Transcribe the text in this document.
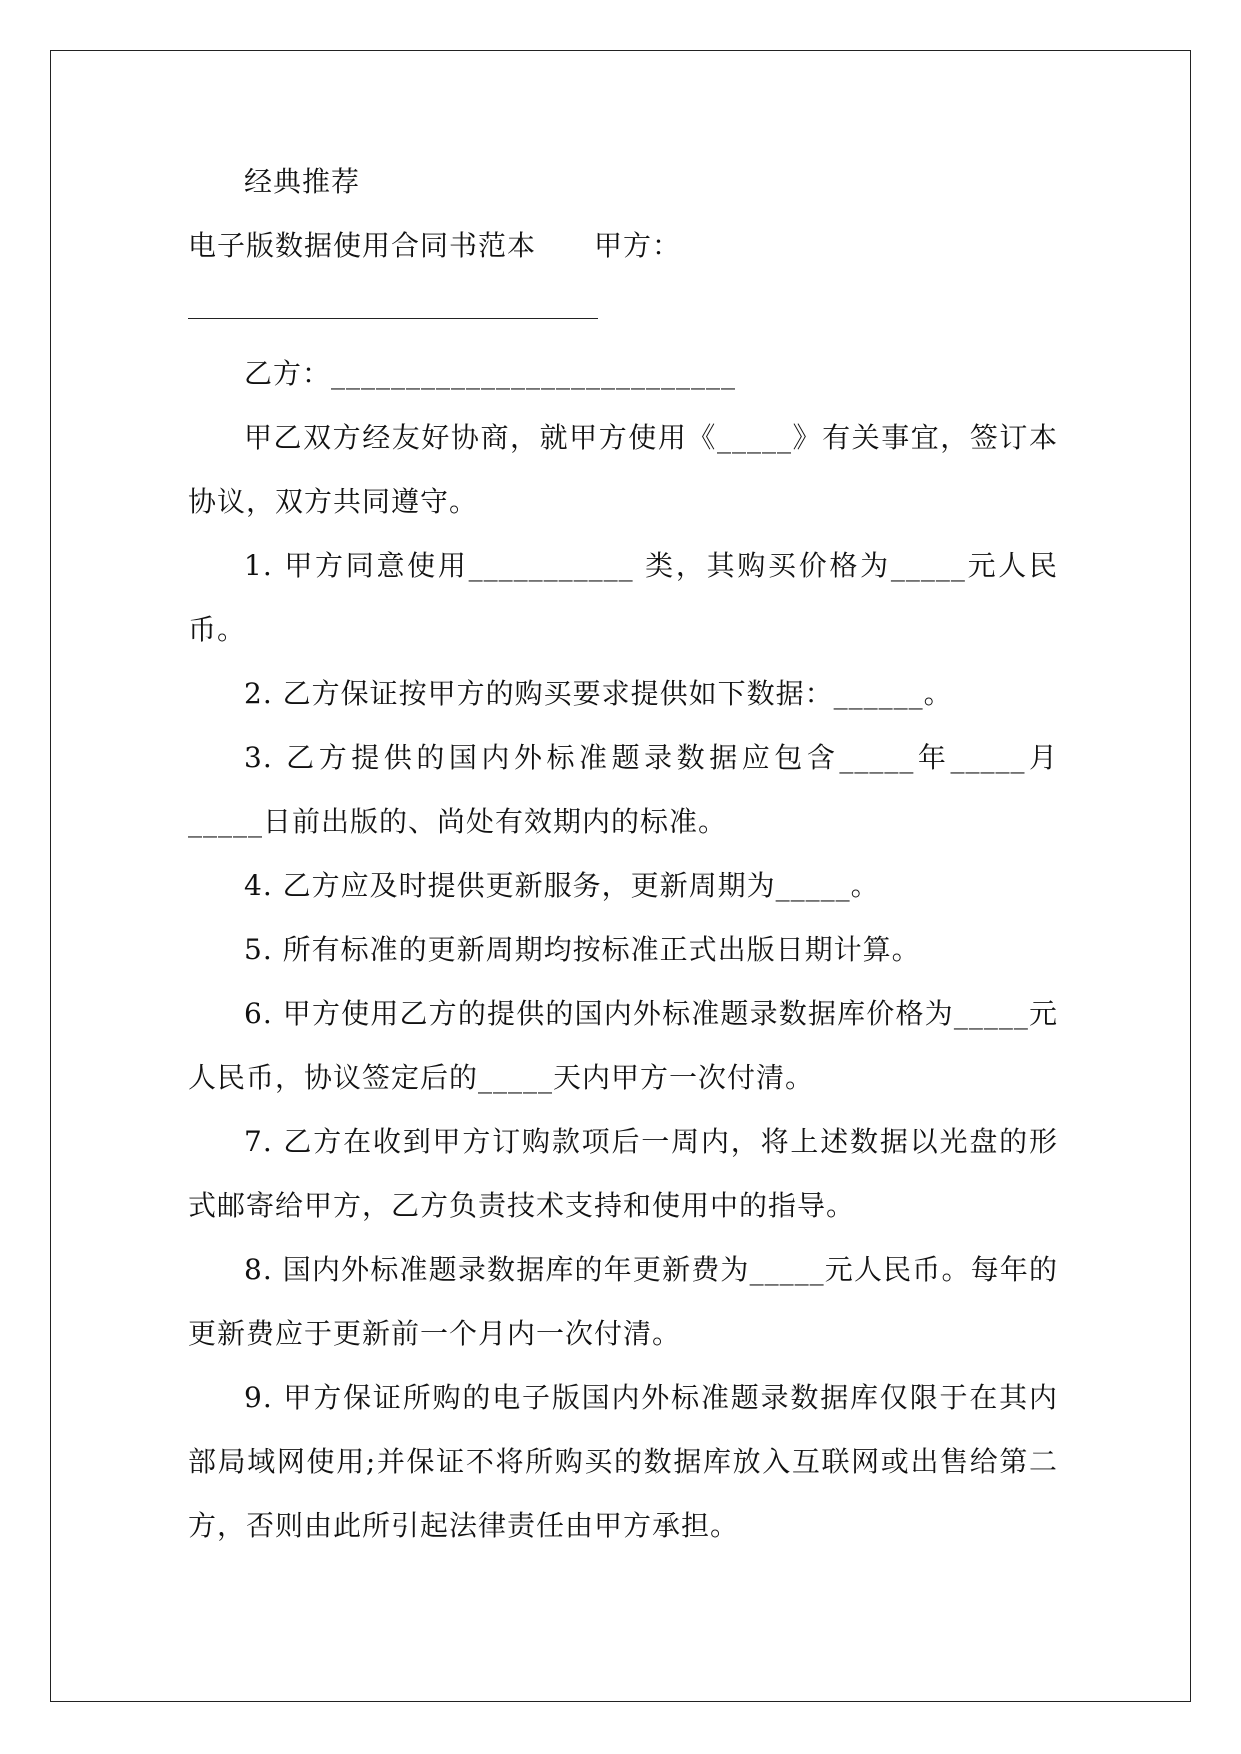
经典推荐

电子版数据使用合同书范本　　甲方：

乙方：___________________________

甲乙双方经友好协商，就甲方使用《_____》有关事宜，签订本协议，双方共同遵守。

1. 甲方同意使用___________ 类，其购买价格为_____元人民币。

2. 乙方保证按甲方的购买要求提供如下数据：______。

3. 乙方提供的国内外标准题录数据应包含_____年_____月_____日前出版的、尚处有效期内的标准。

4. 乙方应及时提供更新服务，更新周期为_____。

5. 所有标准的更新周期均按标准正式出版日期计算。

6. 甲方使用乙方的提供的国内外标准题录数据库价格为_____元人民币，协议签定后的_____天内甲方一次付清。

7. 乙方在收到甲方订购款项后一周内，将上述数据以光盘的形式邮寄给甲方，乙方负责技术支持和使用中的指导。

8. 国内外标准题录数据库的年更新费为_____元人民币。每年的更新费应于更新前一个月内一次付清。

9. 甲方保证所购的电子版国内外标准题录数据库仅限于在其内部局域网使用;并保证不将所购买的数据库放入互联网或出售给第二方，否则由此所引起法律责任由甲方承担。
